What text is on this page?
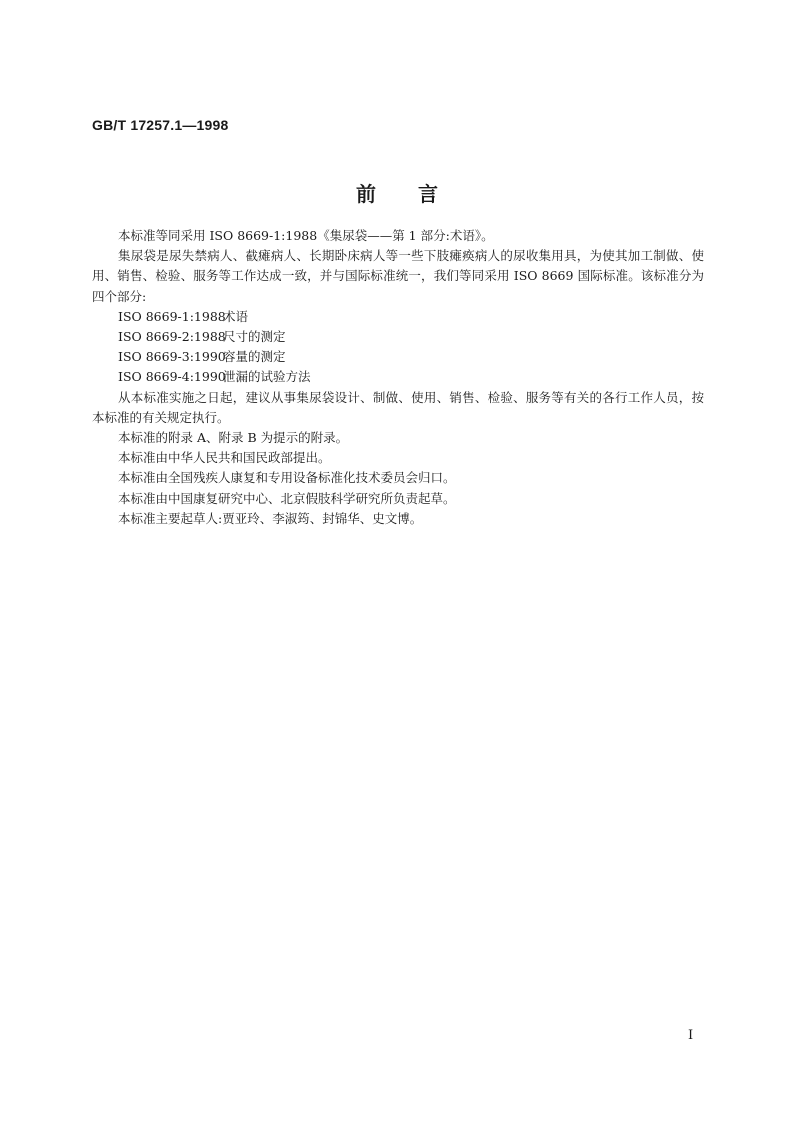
GB/T 17257.1—1998
前言

本标准等同采用 ISO 8669-1:1988《集尿袋——第 1 部分:术语》。

集尿袋是尿失禁病人、截瘫病人、长期卧床病人等一些下肢瘫痪病人的尿收集用具，为使其加工制做、使用、销售、检验、服务等工作达成一致，并与国际标准统一，我们等同采用 ISO 8669 国际标准。该标准分为四个部分:

ISO 8669-1:1988术语
ISO 8669-2:1988尺寸的测定
ISO 8669-3:1990容量的测定
ISO 8669-4:1990泄漏的试验方法

从本标准实施之日起，建议从事集尿袋设计、制做、使用、销售、检验、服务等有关的各行工作人员，按本标准的有关规定执行。

本标准的附录 A、附录 B 为提示的附录。

本标准由中华人民共和国民政部提出。

本标准由全国残疾人康复和专用设备标准化技术委员会归口。

本标准由中国康复研究中心、北京假肢科学研究所负责起草。

本标准主要起草人:贾亚玲、李淑筠、封锦华、史文博。

I
